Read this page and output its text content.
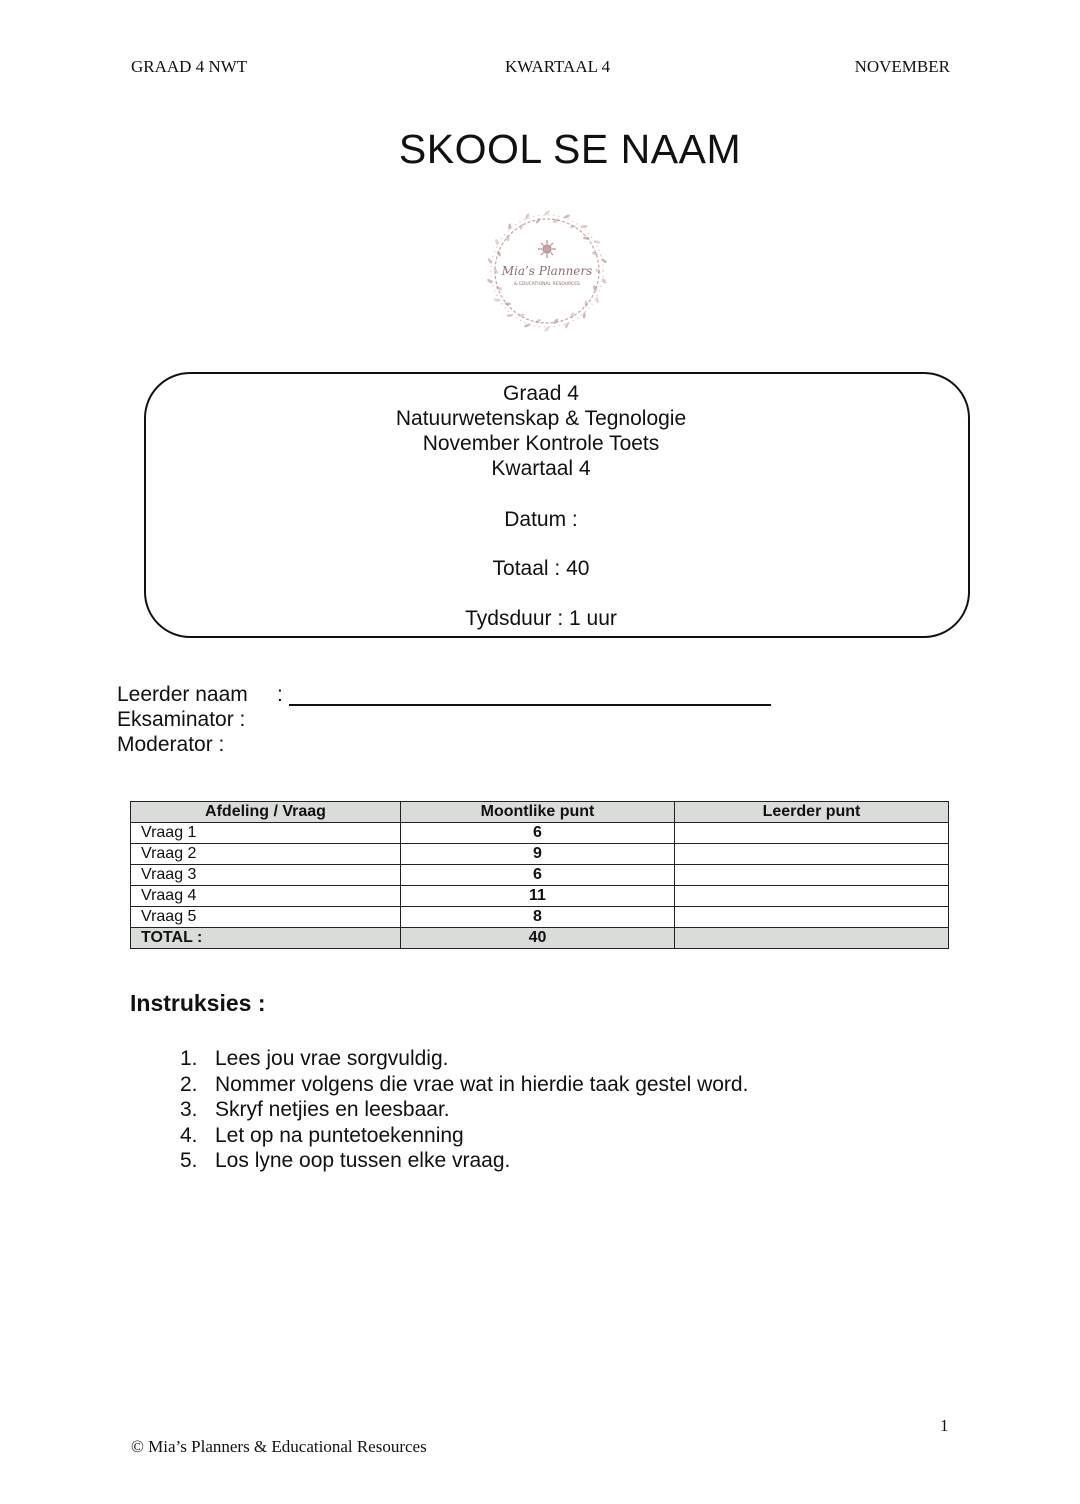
GRAAD 4 NWT	KWARTAAL 4	NOVEMBER
SKOOL SE NAAM
Mia’s Planners
& EDUCATIONAL RESOURCES
Graad 4
Natuurwetenskap & Tegnologie
November Kontrole Toets
Kwartaal 4
Datum :
Totaal : 40
Tydsduur : 1 uur
Leerder naam :
Eksaminator :
Moderator :
Afdeling / Vraag	Moontlike punt	Leerder punt
Vraag 1	6	
Vraag 2	9	
Vraag 3	6	
Vraag 4	11	
Vraag 5	8	
TOTAL :	40	
Instruksies :
1. Lees jou vrae sorgvuldig.
2. Nommer volgens die vrae wat in hierdie taak gestel word.
3. Skryf netjies en leesbaar.
4. Let op na puntetoekenning
5. Los lyne oop tussen elke vraag.
1
© Mia’s Planners & Educational Resources
